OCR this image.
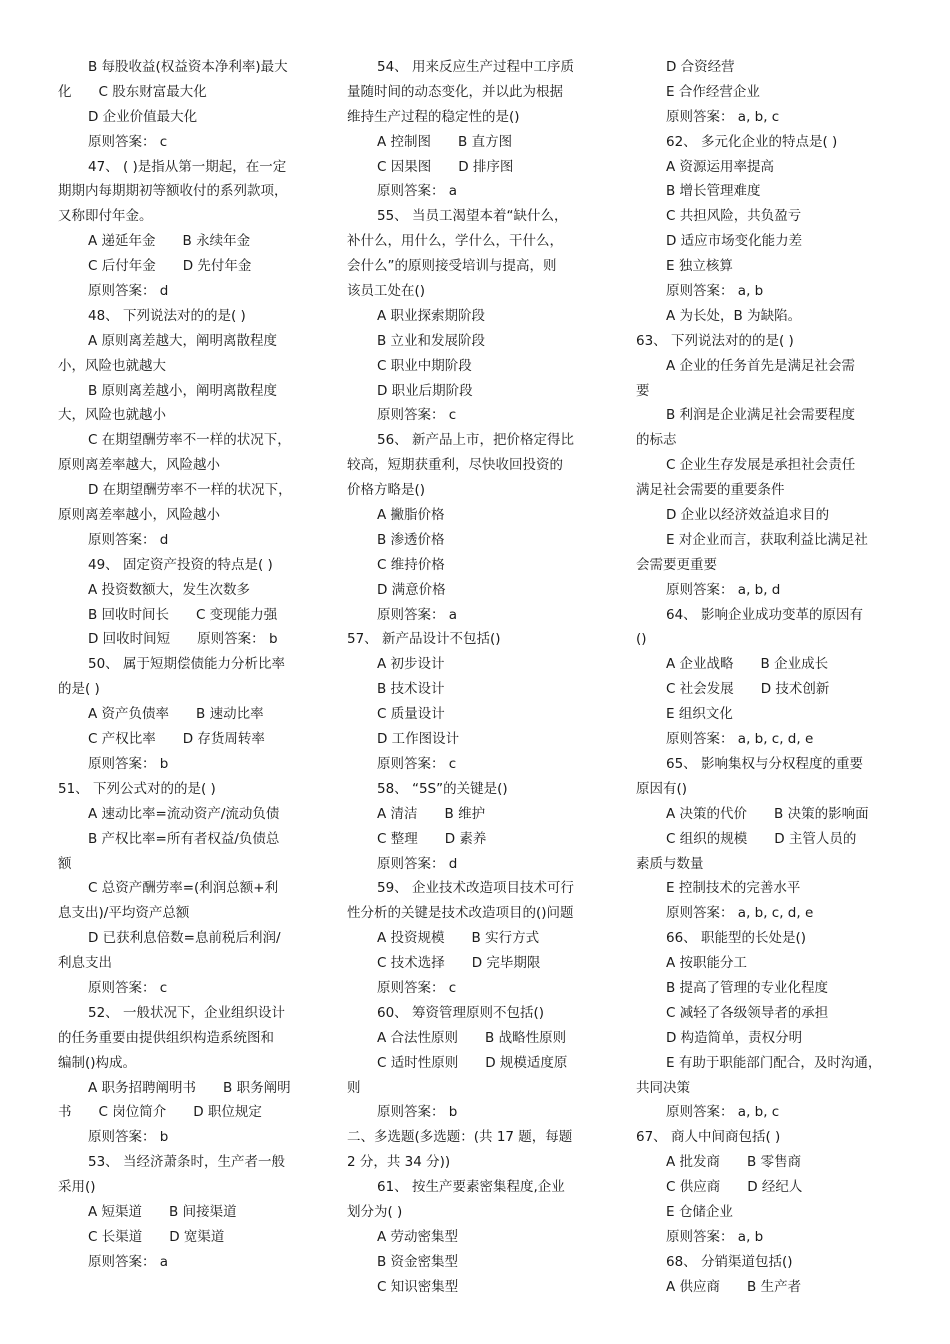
B 每股收益(权益资本净利率)最大
化　　C 股东财富最大化
D 企业价值最大化
原则答案： c
47、 ( )是指从第一期起，在一定
期期内每期期初等额收付的系列款项，
又称即付年金。
A 递延年金　　B 永续年金
C 后付年金　　D 先付年金
原则答案： d
48、 下列说法对的的是( )
A 原则离差越大，阐明离散程度
小，风险也就越大
B 原则离差越小，阐明离散程度
大，风险也就越小
C 在期望酬劳率不一样的状况下，
原则离差率越大，风险越小
D 在期望酬劳率不一样的状况下，
原则离差率越小，风险越小
原则答案： d
49、 固定资产投资的特点是( )
A 投资数额大，发生次数多
B 回收时间长　　C 变现能力强
D 回收时间短　　原则答案： b
50、 属于短期偿债能力分析比率
的是( )
A 资产负债率　　B 速动比率
C 产权比率　　D 存货周转率
原则答案： b
51、 下列公式对的的是( )
A 速动比率=流动资产/流动负债
B 产权比率=所有者权益/负债总
额
C 总资产酬劳率=(利润总额+利
息支出)/平均资产总额
D 已获利息倍数=息前税后利润/
利息支出
原则答案： c
52、 一般状况下，企业组织设计
的任务重要由提供组织构造系统图和
编制()构成。
A 职务招聘阐明书　　B 职务阐明
书　　C 岗位简介　　D 职位规定
原则答案： b
53、 当经济萧条时，生产者一般
采用()
A 短渠道　　B 间接渠道
C 长渠道　　D 宽渠道
原则答案： a
54、 用来反应生产过程中工序质
量随时间的动态变化，并以此为根据
维持生产过程的稳定性的是()
A 控制图　　B 直方图
C 因果图　　D 排序图
原则答案： a
55、 当员工渴望本着“缺什么，
补什么，用什么，学什么，干什么，
会什么”的原则接受培训与提高，则
该员工处在()
A 职业探索期阶段
B 立业和发展阶段
C 职业中期阶段
D 职业后期阶段
原则答案： c
56、 新产品上市，把价格定得比
较高，短期获重利，尽快收回投资的
价格方略是()
A 撇脂价格
B 渗透价格
C 维持价格
D 满意价格
原则答案： a
57、 新产品设计不包括()
A 初步设计
B 技术设计
C 质量设计
D 工作图设计
原则答案： c
58、 “5S”的关键是()
A 清洁　　B 维护
C 整理　　D 素养
原则答案： d
59、 企业技术改造项目技术可行
性分析的关键是技术改造项目的()问题
A 投资规模　　B 实行方式
C 技术选择　　D 完毕期限
原则答案： c
60、 筹资管理原则不包括()
A 合法性原则　　B 战略性原则
C 适时性原则　　D 规模适度原
则
原则答案： b
二、多选题(多选题：(共 17 题，每题
2 分，共 34 分))
61、 按生产要素密集程度,企业
划分为( )
A 劳动密集型
B 资金密集型
C 知识密集型
D 合资经营
E 合作经营企业
原则答案： a, b, c
62、 多元化企业的特点是( )
A 资源运用率提高
B 增长管理难度
C 共担风险，共负盈亏
D 适应市场变化能力差
E 独立核算
原则答案： a, b
A 为长处，B 为缺陷。
63、 下列说法对的的是( )
A 企业的任务首先是满足社会需
要
B 利润是企业满足社会需要程度
的标志
C 企业生存发展是承担社会责任
满足社会需要的重要条件
D 企业以经济效益追求目的
E 对企业而言，获取利益比满足社
会需要更重要
原则答案： a, b, d
64、 影响企业成功变革的原因有
()
A 企业战略　　B 企业成长
C 社会发展　　D 技术创新
E 组织文化
原则答案： a, b, c, d, e
65、 影响集权与分权程度的重要
原因有()
A 决策的代价　　B 决策的影响面
C 组织的规模　　D 主管人员的
素质与数量
E 控制技术的完善水平
原则答案： a, b, c, d, e
66、 职能型的长处是()
A 按职能分工
B 提高了管理的专业化程度
C 减轻了各级领导者的承担
D 构造简单，责权分明
E 有助于职能部门配合，及时沟通，
共同决策
原则答案： a, b, c
67、 商人中间商包括( )
A 批发商　　B 零售商
C 供应商　　D 经纪人
E 仓储企业
原则答案： a, b
68、 分销渠道包括()
A 供应商　　B 生产者
